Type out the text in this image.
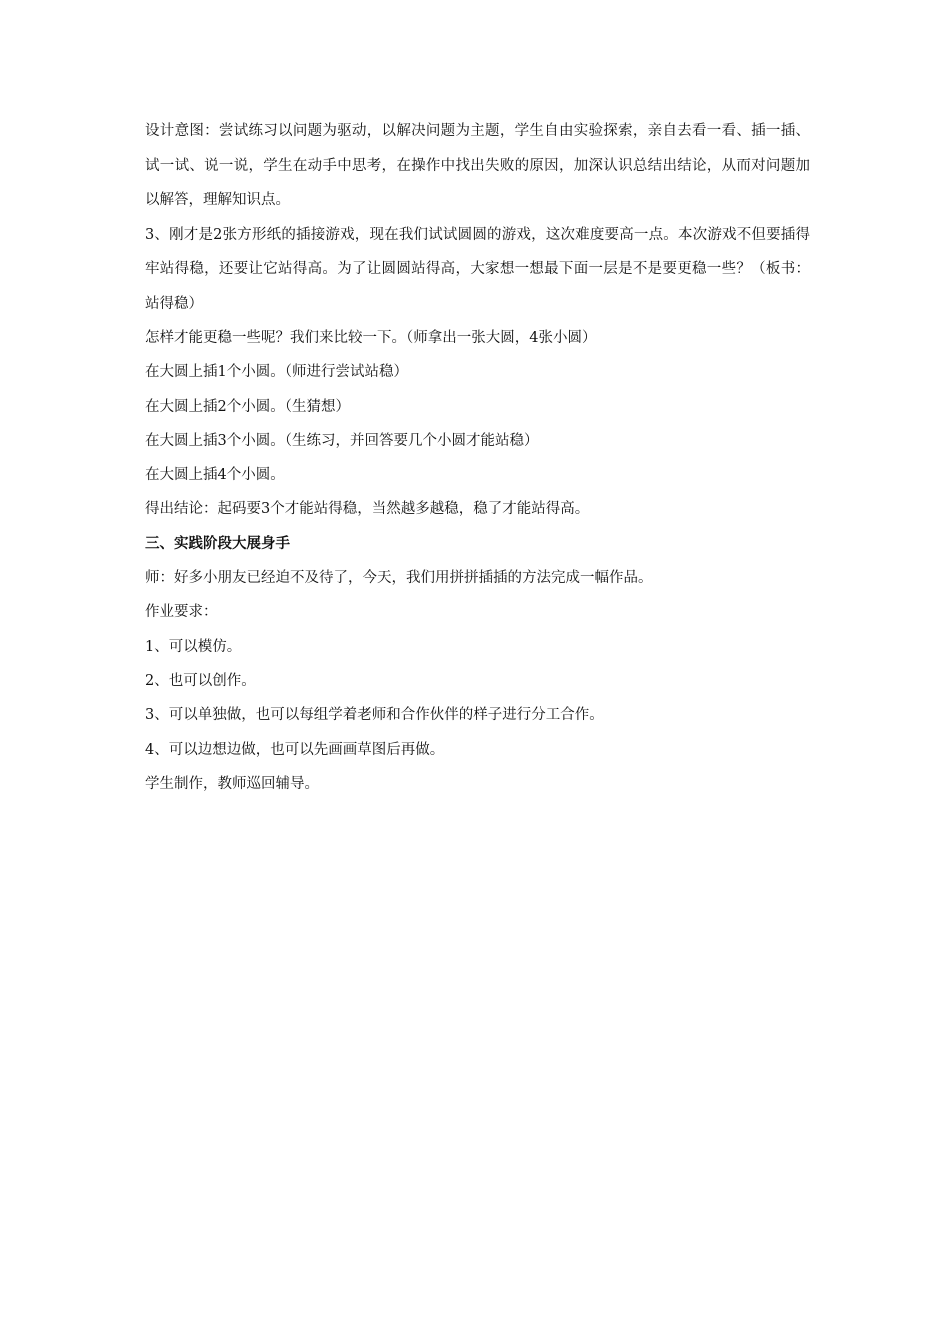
设计意图：尝试练习以问题为驱动，以解决问题为主题，学生自由实验探索，亲自去看一看、插一插、试一试、说一说，学生在动手中思考，在操作中找出失败的原因，加深认识总结出结论，从而对问题加以解答，理解知识点。

3、刚才是2张方形纸的插接游戏，现在我们试试圆圆的游戏，这次难度要高一点。本次游戏不但要插得牢站得稳，还要让它站得高。为了让圆圆站得高，大家想一想最下面一层是不是要更稳一些？（板书：站得稳）

怎样才能更稳一些呢？我们来比较一下。（师拿出一张大圆，4张小圆）

在大圆上插1个小圆。（师进行尝试站稳）

在大圆上插2个小圆。（生猜想）

在大圆上插3个小圆。（生练习，并回答要几个小圆才能站稳）

在大圆上插4个小圆。

得出结论：起码要3个才能站得稳，当然越多越稳，稳了才能站得高。

三、实践阶段大展身手

师：好多小朋友已经迫不及待了，今天，我们用拼拼插插的方法完成一幅作品。

作业要求：

1、可以模仿。

2、也可以创作。

3、可以单独做，也可以每组学着老师和合作伙伴的样子进行分工合作。

4、可以边想边做，也可以先画画草图后再做。

学生制作，教师巡回辅导。
